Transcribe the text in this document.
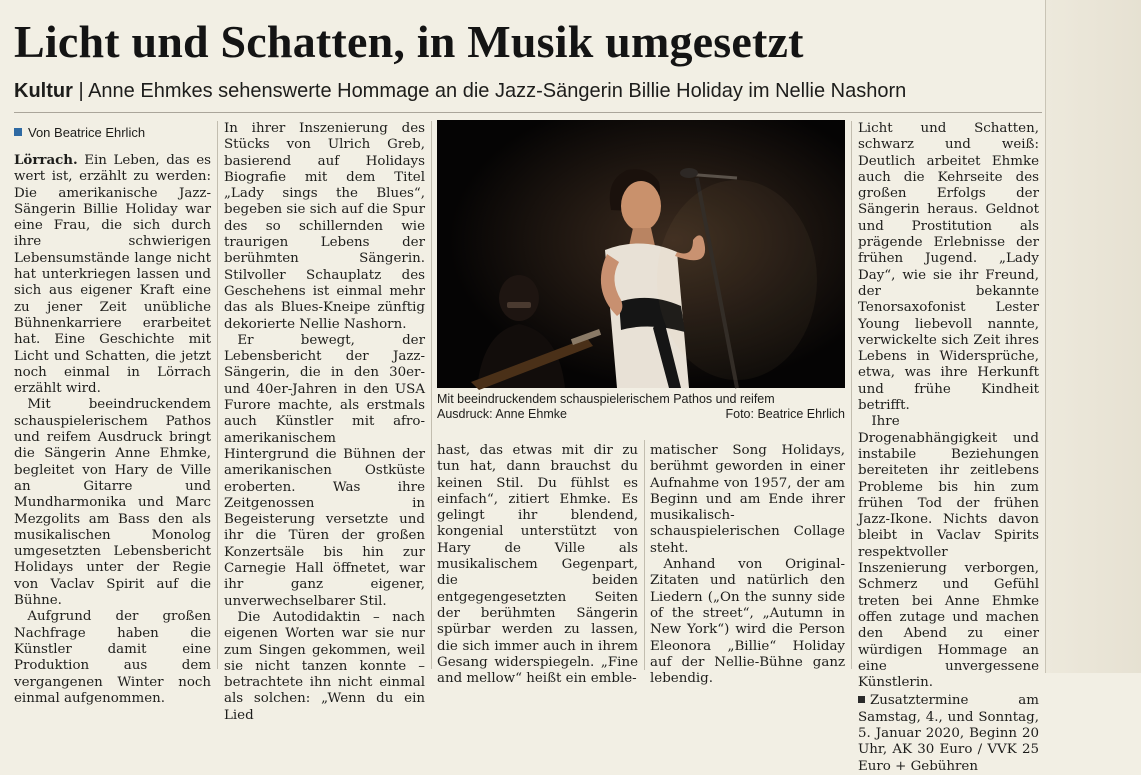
Licht und Schatten, in Musik umgesetzt
Kultur | Anne Ehmkes sehenswerte Hommage an die Jazz-Sängerin Billie Holiday im Nellie Nashorn
Von Beatrice Ehrlich

Lörrach. Ein Leben, das es wert ist, erzählt zu werden: Die amerikanische Jazz-Sängerin Billie Holiday war eine Frau, die sich durch ihre schwierigen Lebensumstände lange nicht hat unterkriegen lassen und sich aus eigener Kraft eine zu jener Zeit unübliche Bühnenkarriere erarbeitet hat. Eine Geschichte mit Licht und Schatten, die jetzt noch einmal in Lörrach erzählt wird.

Mit beeindruckendem schauspielerischem Pathos und reifem Ausdruck bringt die Sängerin Anne Ehmke, begleitet von Hary de Ville an Gitarre und Mundharmonika und Marc Mezgolits am Bass den als musikalischen Monolog umgesetzten Lebensbericht Holidays unter der Regie von Vaclav Spirit auf die Bühne.

Aufgrund der großen Nachfrage haben die Künstler damit eine Produktion aus dem vergangenen Winter noch einmal aufgenommen.

In ihrer Inszenierung des Stücks von Ulrich Greb, basierend auf Holidays Biografie mit dem Titel „Lady sings the Blues“, begeben sie sich auf die Spur des so schillernden wie traurigen Lebens der berühmten Sängerin. Stilvoller Schauplatz des Geschehens ist einmal mehr das als Blues-Kneipe zünftig dekorierte Nellie Nashorn.

Er bewegt, der Lebensbericht der Jazz-Sängerin, die in den 30er- und 40er-Jahren in den USA Furore machte, als erstmals auch Künstler mit afro-amerikanischem Hintergrund die Bühnen der amerikanischen Ostküste eroberten. Was ihre Zeitgenossen in Begeisterung versetzte und ihr die Türen der großen Konzertsäle bis hin zur Carnegie Hall öffnetet, war ihr ganz eigener, unverwechselbarer Stil.

Die Autodidaktin – nach eigenen Worten war sie nur zum Singen gekommen, weil sie nicht tanzen konnte – betrachtete ihn nicht einmal als solchen: „Wenn du ein Lied

Mit beeindruckendem schauspielerischem Pathos und reifem
Ausdruck: Anne Ehmke	Foto: Beatrice Ehrlich

hast, das etwas mit dir zu tun hat, dann brauchst du keinen Stil. Du fühlst es einfach“, zitiert Ehmke. Es gelingt ihr blendend, kongenial unterstützt von Hary de Ville als musikalischem Gegenpart, die beiden entgegengesetzten Seiten der berühmten Sängerin spürbar werden zu lassen, die sich immer auch in ihrem Gesang widerspiegeln. „Fine and mellow“ heißt ein emble-

matischer Song Holidays, berühmt geworden in einer Aufnahme von 1957, der am Beginn und am Ende ihrer musikalisch-schauspielerischen Collage steht.

Anhand von Original-Zitaten und natürlich den Liedern („On the sunny side of the street“, „Autumn in New York“) wird die Person Eleonora „Billie“ Holiday auf der Nellie-Bühne ganz lebendig.

Licht und Schatten, schwarz und weiß: Deutlich arbeitet Ehmke auch die Kehrseite des großen Erfolgs der Sängerin heraus. Geldnot und Prostitution als prägende Erlebnisse der frühen Jugend. „Lady Day“, wie sie ihr Freund, der bekannte Tenorsaxofonist Lester Young liebevoll nannte, verwickelte sich Zeit ihres Lebens in Widersprüche, etwa, was ihre Herkunft und frühe Kindheit betrifft.

Ihre Drogenabhängigkeit und instabile Beziehungen bereiteten ihr zeitlebens Probleme bis hin zum frühen Tod der frühen Jazz-Ikone. Nichts davon bleibt in Vaclav Spirits respektvoller Inszenierung verborgen, Schmerz und Gefühl treten bei Anne Ehmke offen zutage und machen den Abend zu einer würdigen Hommage an eine unvergessene Künstlerin.

Zusatztermine am Samstag, 4., und Sonntag, 5. Januar 2020, Beginn 20 Uhr, AK 30 Euro / VVK 25 Euro + Gebühren
